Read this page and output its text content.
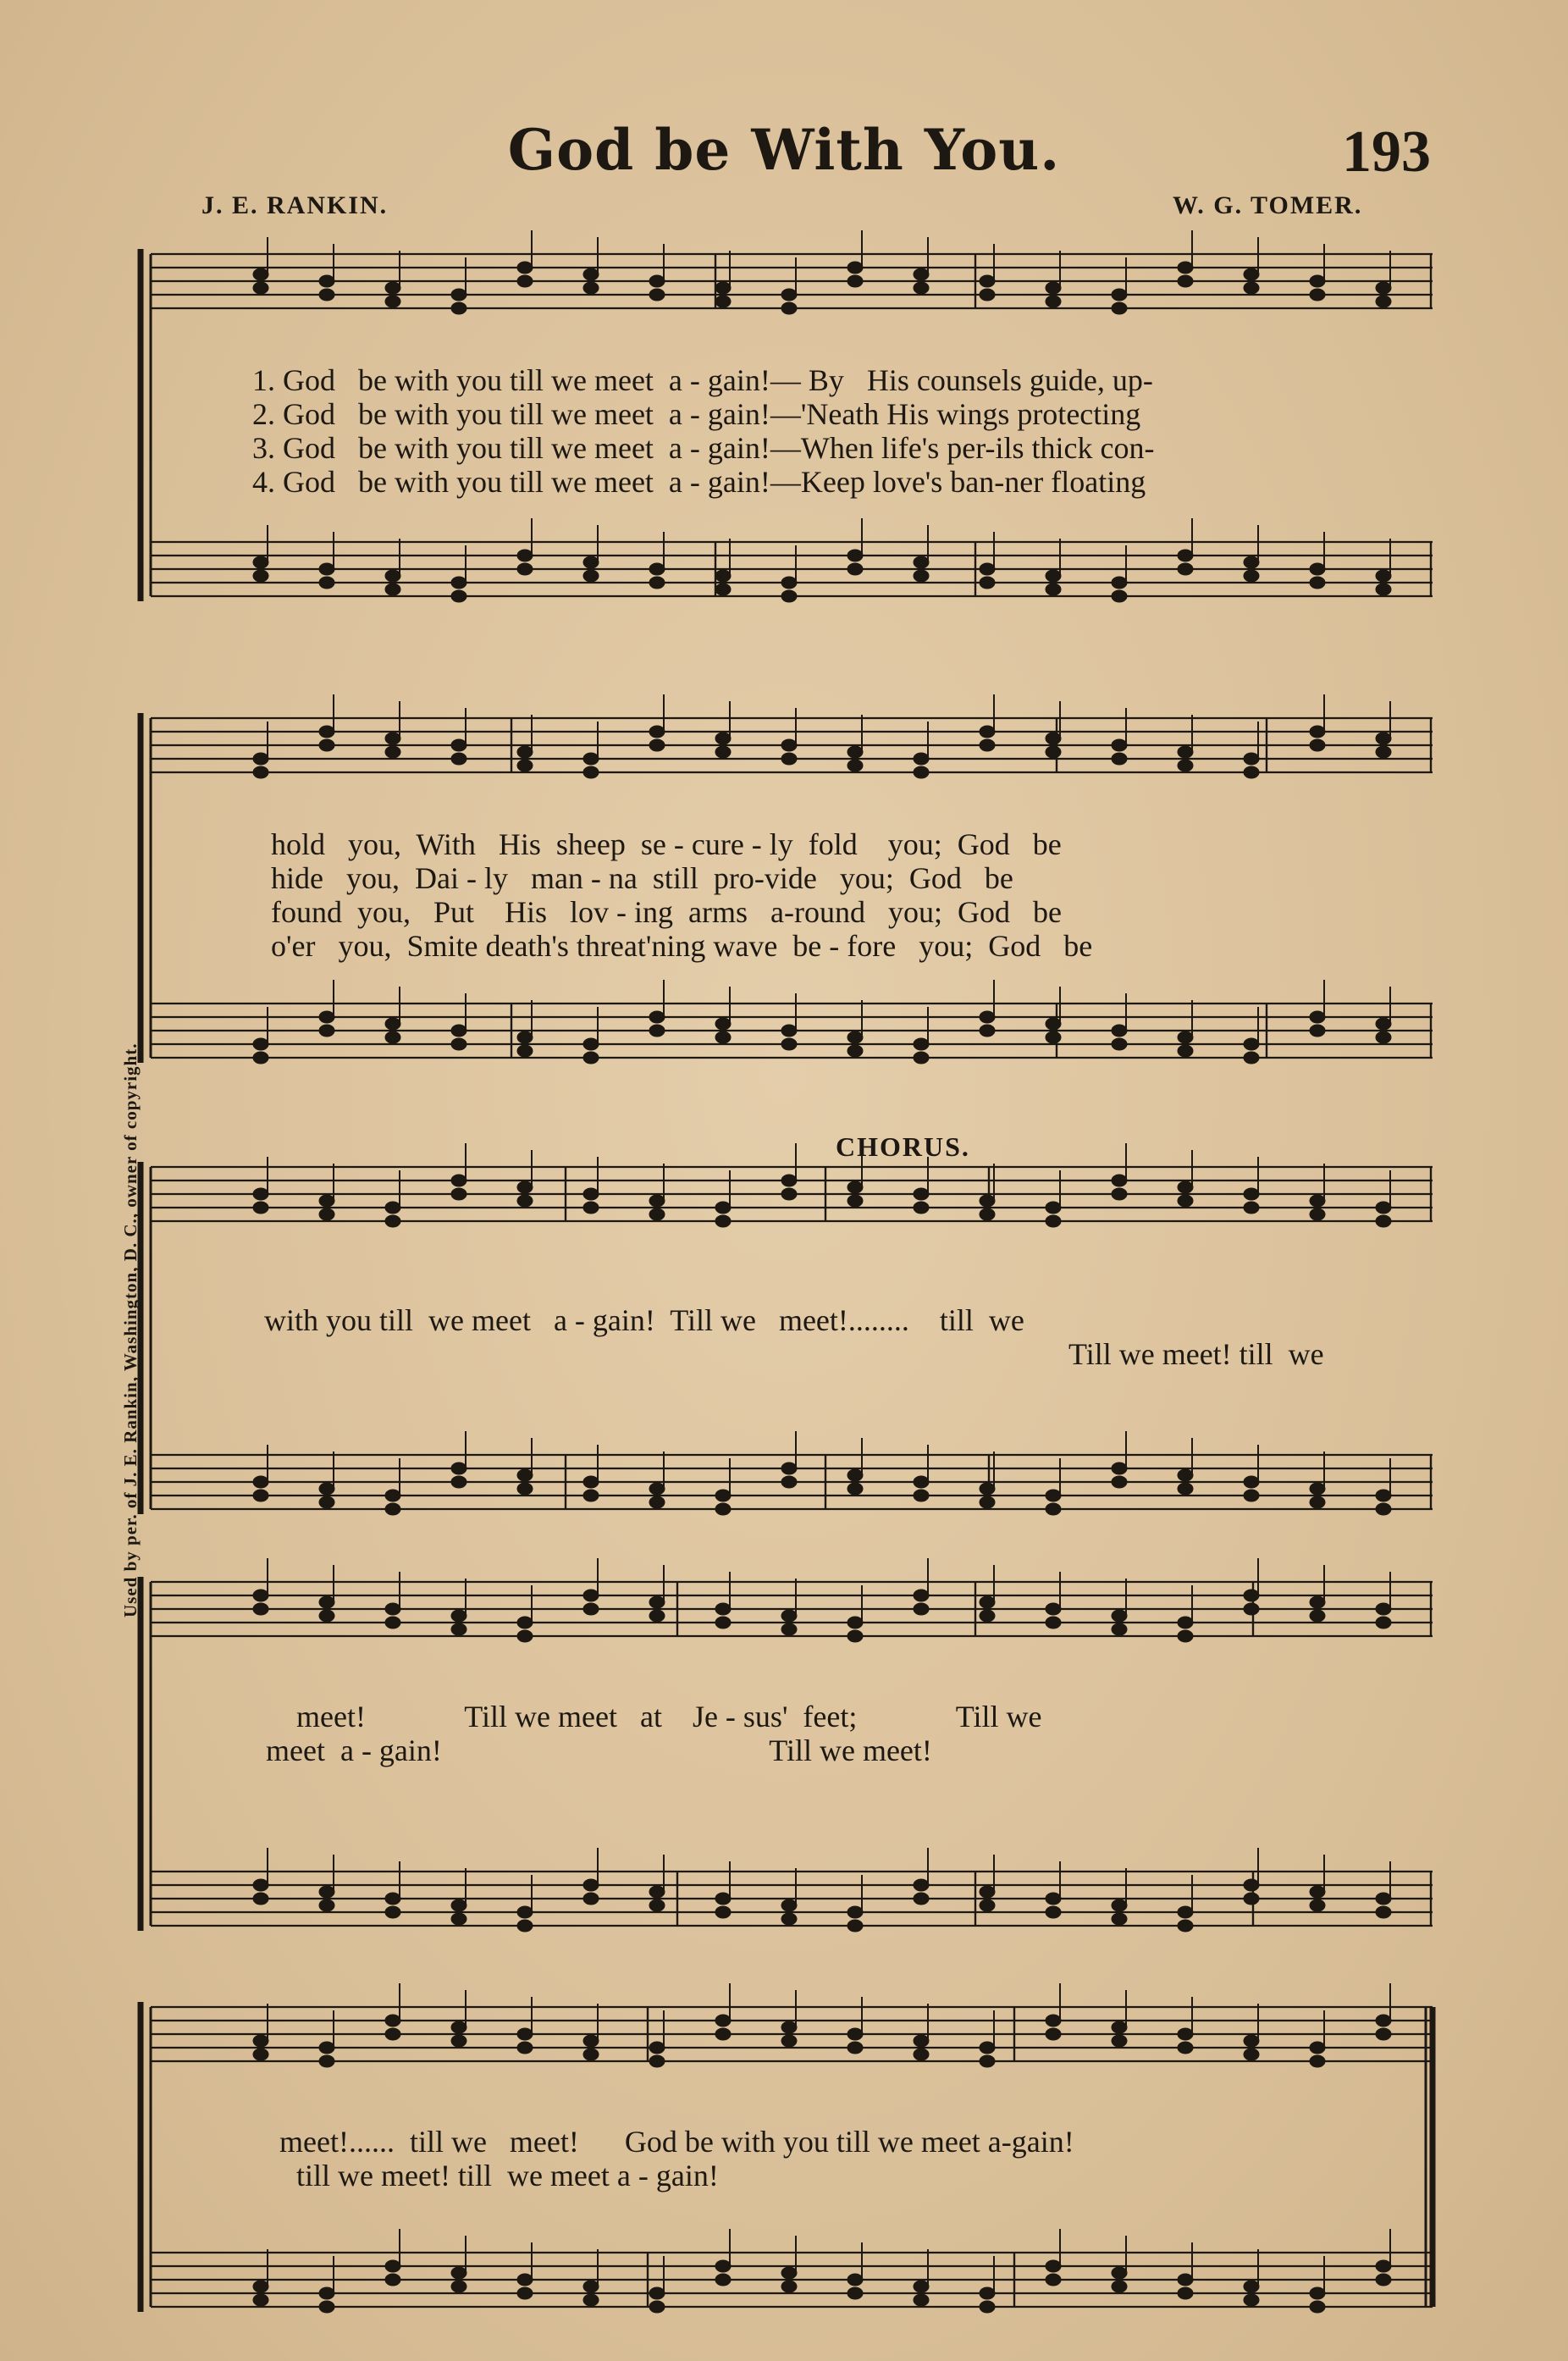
God be With You.	193
J. E. RANKIN.	W. G. TOMER.
Used by per. of J. E. Rankin, Washington, D. C., owner of copyright.
1. God   be with you till we meet  a - gain!— By   His counsels guide, up-
2. God   be with you till we meet  a - gain!—'Neath His wings protecting
3. God   be with you till we meet  a - gain!—When life's per-ils thick con-
4. God   be with you till we meet  a - gain!—Keep love's ban-ner floating
hold   you,  With   His  sheep  se - cure - ly  fold    you;  God   be
hide   you,  Dai - ly   man - na  still  pro-vide   you;  God   be
found  you,   Put    His   lov - ing  arms   a-round   you;  God   be
o'er   you,  Smite death's threat'ning wave  be - fore   you;  God   be
CHORUS.
with you till  we meet   a - gain!  Till we   meet!........    till  we
Till we meet! till  we
meet!             Till we meet   at    Je - sus'  feet;             Till we
meet  a - gain!                                           Till we meet!
meet!......  till we   meet!      God be with you till we meet a-gain!
till we meet! till  we meet a - gain!
